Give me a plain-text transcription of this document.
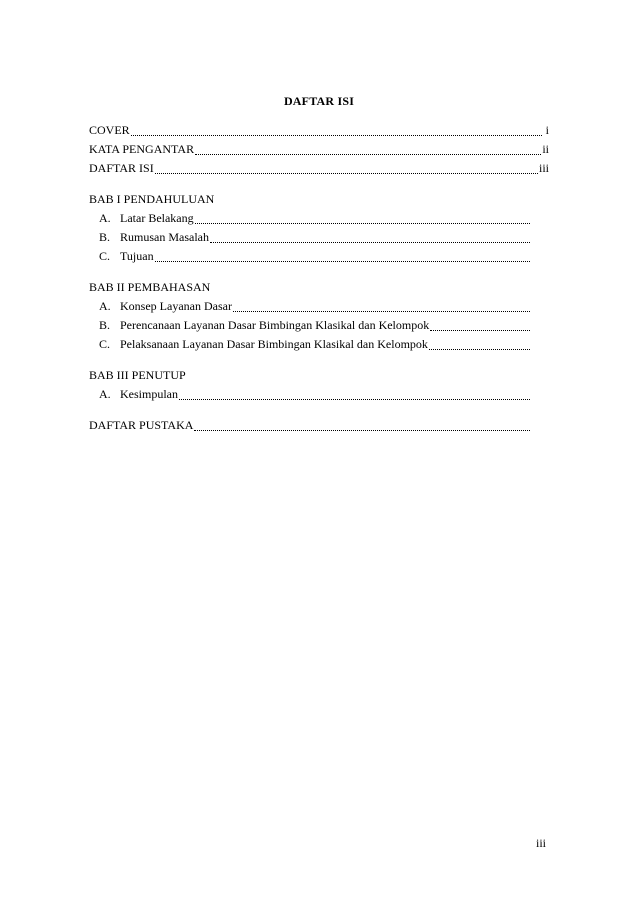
DAFTAR ISI
COVER	i
KATA PENGANTAR	ii
DAFTAR ISI	iii
BAB I PENDAHULUAN
A. Latar Belakang
B. Rumusan Masalah
C. Tujuan
BAB II PEMBAHASAN
A. Konsep Layanan Dasar
B. Perencanaan Layanan Dasar Bimbingan Klasikal dan Kelompok
C. Pelaksanaan Layanan Dasar Bimbingan Klasikal dan Kelompok
BAB III PENUTUP
A. Kesimpulan
DAFTAR PUSTAKA
iii
